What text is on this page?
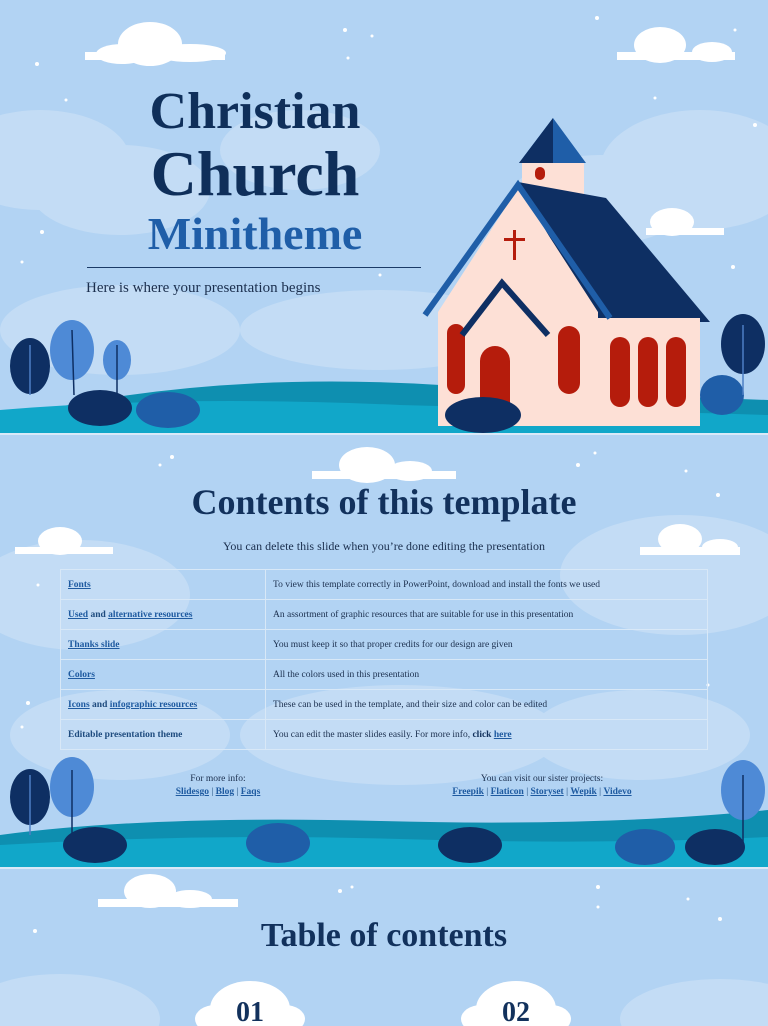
Christian
Church
Minitheme
Here is where your presentation begins
Contents of this template
You can delete this slide when you’re done editing the presentation
Fonts	To view this template correctly in PowerPoint, download and install the fonts we used
Used and alternative resources	An assortment of graphic resources that are suitable for use in this presentation
Thanks slide	You must keep it so that proper credits for our design are given
Colors	All the colors used in this presentation
Icons and infographic resources	These can be used in the template, and their size and color can be edited
Editable presentation theme	You can edit the master slides easily. For more info, click here
For more info:
Slidesgo | Blog | Faqs
You can visit our sister projects:
Freepik | Flaticon | Storyset | Wepik | Videvo
Table of contents
01	02
